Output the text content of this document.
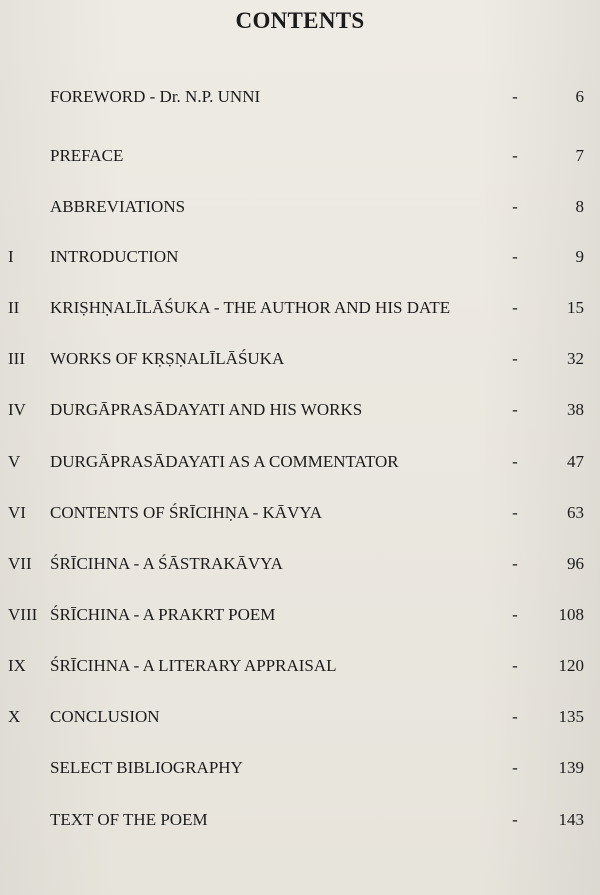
CONTENTS
FOREWORD - Dr. N.P. UNNI	-	6
PREFACE	-	7
ABBREVIATIONS	-	8
I	INTRODUCTION	-	9
II	KRIṢHṆALĪLĀŚUKA - THE AUTHOR AND HIS DATE	-	15
III	WORKS OF KṚṢṆALĪLĀŚUKA	-	32
IV	DURGĀPRASĀDAYATI AND HIS WORKS	-	38
V	DURGĀPRASĀDAYATI AS A COMMENTATOR	-	47
VI	CONTENTS OF ŚRĪCIHṆA - KĀVYA	-	63
VII	ŚRĪCIHNA - A ŚĀSTRAKĀVYA	-	96
VIII ŚRĪCHINA - A PRAKRT POEM	-	108
IX	ŚRĪCIHNA - A LITERARY APPRAISAL	-	120
X	CONCLUSION	-	135
SELECT BIBLIOGRAPHY	-	139
TEXT OF THE POEM	-	143
